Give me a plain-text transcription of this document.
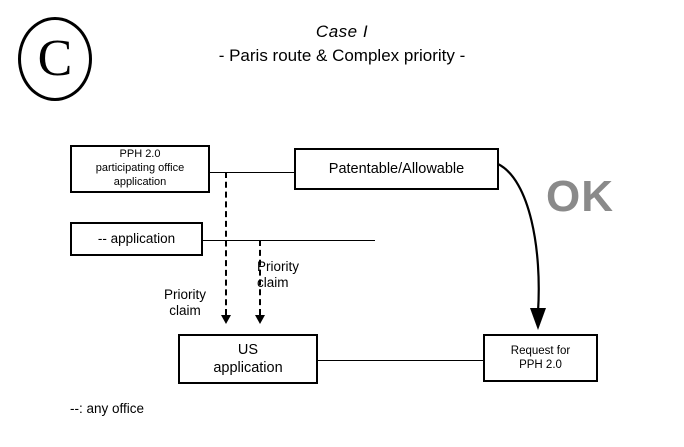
C	Case I
- Paris route & Complex priority -
PPH 2.0
participating office
application
-- application
Patentable/Allowable
US
application
Request for
PPH 2.0
Priority
claim
Priority
claim
OK
--: any office
